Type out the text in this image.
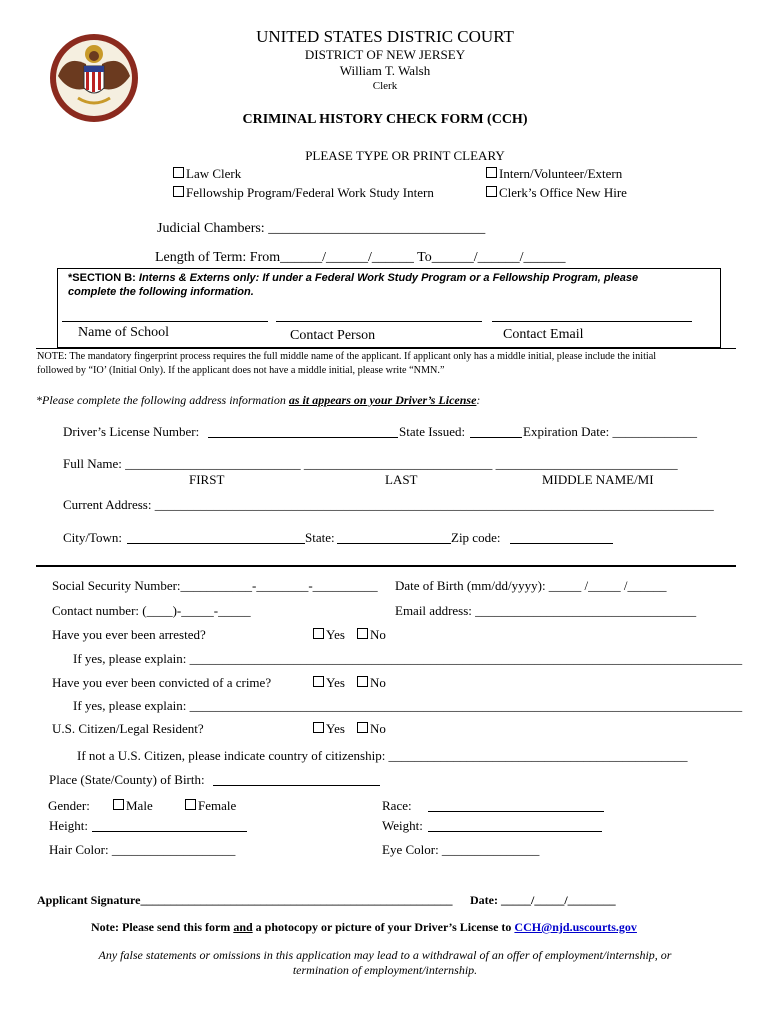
UNITED STATES DISTRIC COURT
DISTRICT OF NEW JERSEY
William T. Walsh
Clerk
CRIMINAL HISTORY CHECK FORM (CCH)
PLEASE TYPE OR PRINT CLEARY
Law Clerk	Intern/Volunteer/Extern
Fellowship Program/Federal Work Study Intern	Clerk’s Office New Hire
Judicial Chambers: _______________________________
Length of Term: From______/______/______ To______/______/______
*SECTION B: Interns & Externs only: If under a Federal Work Study Program or a Fellowship Program, please
complete the following information.
Name of School	Contact Person	Contact Email
NOTE: The mandatory fingerprint process requires the full middle name of the applicant. If applicant only has a middle initial, please include the initial
followed by “IO’ (Initial Only). If the applicant does not have a middle initial, please write “NMN.”
*Please complete the following address information as it appears on your Driver’s License:
Driver’s License Number:	State Issued:	Expiration Date: _____________
Full Name: ___________________________ _____________________________ ____________________________
FIRST	LAST	MIDDLE NAME/MI
Current Address: ______________________________________________________________________________________
City/Town:	State:	Zip code:
Social Security Number:___________-________-__________ Date of Birth (mm/dd/yyyy): _____ /_____ /______
Contact number: (____)-_____-_____	Email address: __________________________________
Have you ever been arrested?	Yes	No
If yes, please explain: _____________________________________________________________________________________
Have you ever been convicted of a crime?	Yes	No
If yes, please explain: _____________________________________________________________________________________
U.S. Citizen/Legal Resident?	Yes	No
If not a U.S. Citizen, please indicate country of citizenship: ______________________________________________
Place (State/County) of Birth:
Gender:	Male	Female	Race:
Height:	Weight:
Hair Color: ___________________	Eye Color: _______________
Applicant Signature____________________________________________________ Date: _____/_____/________
Note: Please send this form and a photocopy or picture of your Driver’s License to CCH@njd.uscourts.gov
Any false statements or omissions in this application may lead to a withdrawal of an offer of employment/internship, or
termination of employment/internship.
